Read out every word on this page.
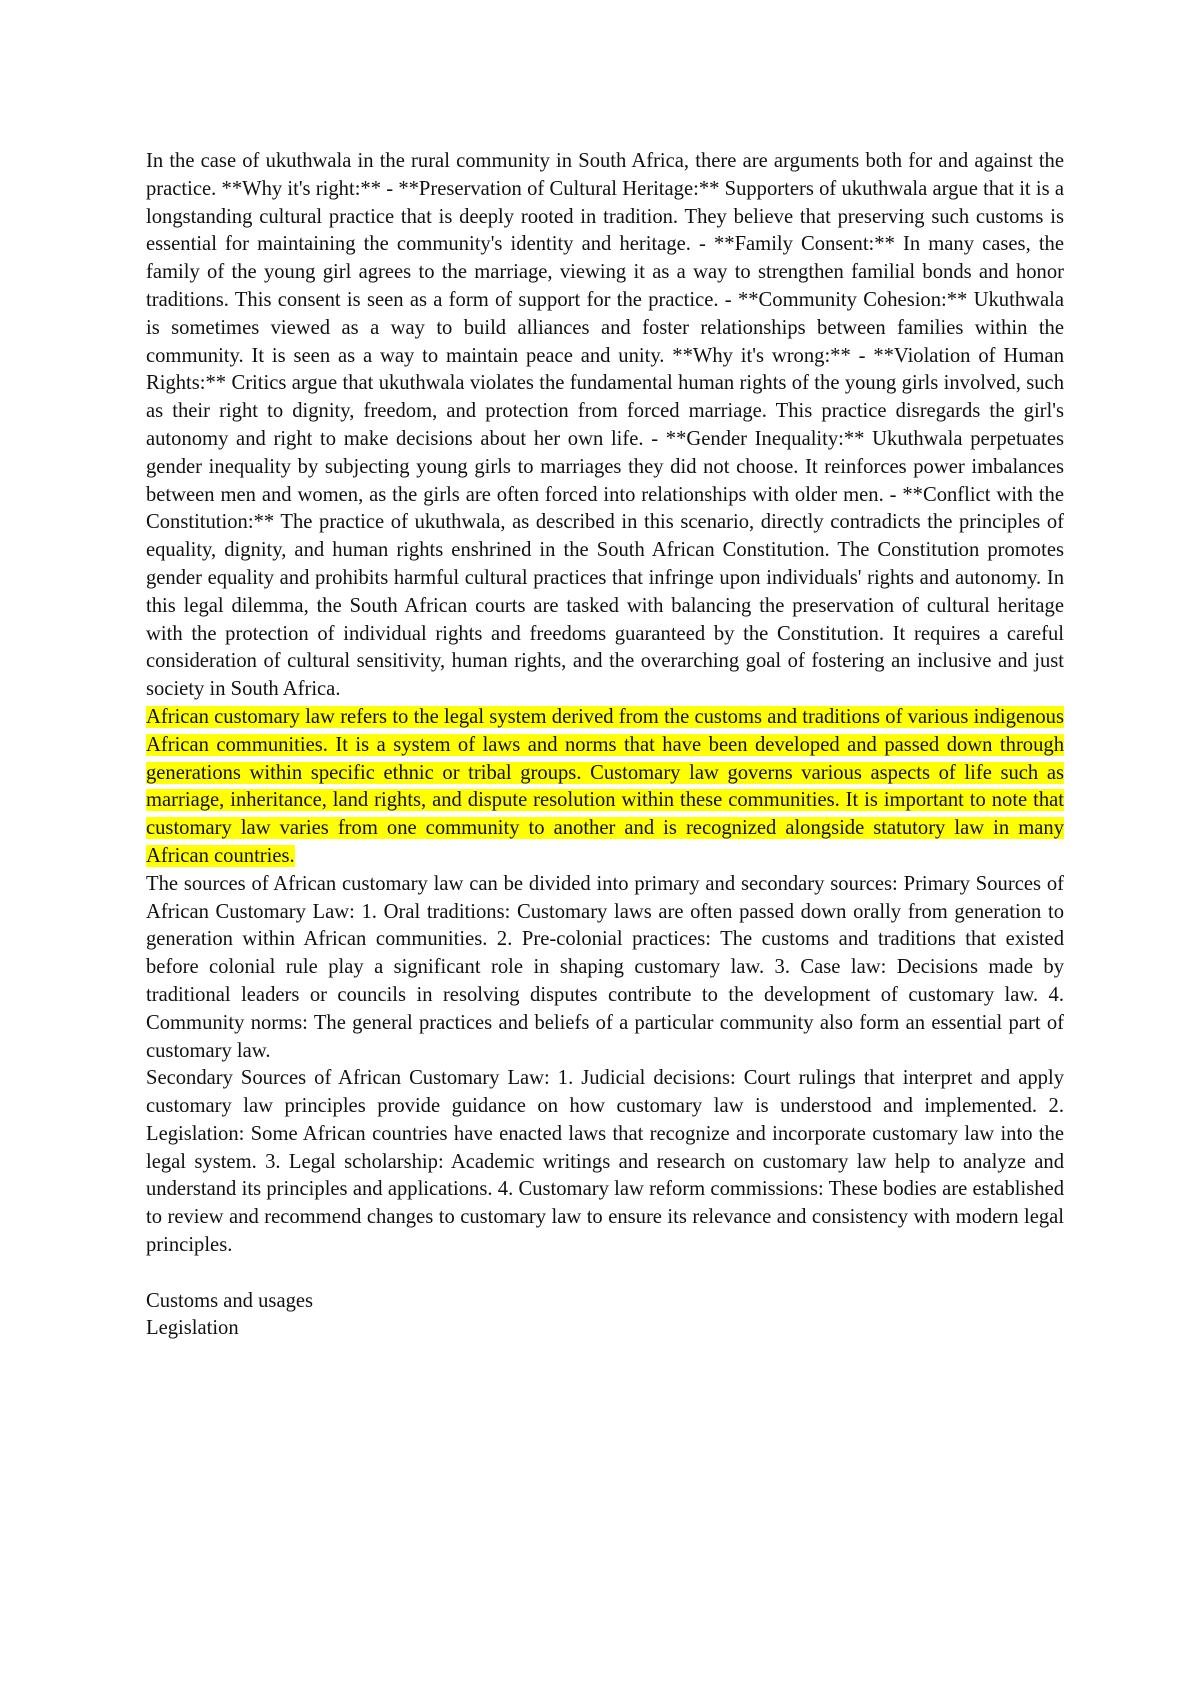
In the case of ukuthwala in the rural community in South Africa, there are arguments both for and against the practice. **Why it's right:** - **Preservation of Cultural Heritage:** Supporters of ukuthwala argue that it is a longstanding cultural practice that is deeply rooted in tradition. They believe that preserving such customs is essential for maintaining the community's identity and heritage. - **Family Consent:** In many cases, the family of the young girl agrees to the marriage, viewing it as a way to strengthen familial bonds and honor traditions. This consent is seen as a form of support for the practice. - **Community Cohesion:** Ukuthwala is sometimes viewed as a way to build alliances and foster relationships between families within the community. It is seen as a way to maintain peace and unity. **Why it's wrong:** - **Violation of Human Rights:** Critics argue that ukuthwala violates the fundamental human rights of the young girls involved, such as their right to dignity, freedom, and protection from forced marriage. This practice disregards the girl's autonomy and right to make decisions about her own life. - **Gender Inequality:** Ukuthwala perpetuates gender inequality by subjecting young girls to marriages they did not choose. It reinforces power imbalances between men and women, as the girls are often forced into relationships with older men. - **Conflict with the Constitution:** The practice of ukuthwala, as described in this scenario, directly contradicts the principles of equality, dignity, and human rights enshrined in the South African Constitution. The Constitution promotes gender equality and prohibits harmful cultural practices that infringe upon individuals' rights and autonomy. In this legal dilemma, the South African courts are tasked with balancing the preservation of cultural heritage with the protection of individual rights and freedoms guaranteed by the Constitution. It requires a careful consideration of cultural sensitivity, human rights, and the overarching goal of fostering an inclusive and just society in South Africa.

African customary law refers to the legal system derived from the customs and traditions of various indigenous African communities. It is a system of laws and norms that have been developed and passed down through generations within specific ethnic or tribal groups. Customary law governs various aspects of life such as marriage, inheritance, land rights, and dispute resolution within these communities. It is important to note that customary law varies from one community to another and is recognized alongside statutory law in many African countries.

The sources of African customary law can be divided into primary and secondary sources: Primary Sources of African Customary Law: 1. Oral traditions: Customary laws are often passed down orally from generation to generation within African communities. 2. Pre-colonial practices: The customs and traditions that existed before colonial rule play a significant role in shaping customary law. 3. Case law: Decisions made by traditional leaders or councils in resolving disputes contribute to the development of customary law. 4. Community norms: The general practices and beliefs of a particular community also form an essential part of customary law.

Secondary Sources of African Customary Law: 1. Judicial decisions: Court rulings that interpret and apply customary law principles provide guidance on how customary law is understood and implemented. 2. Legislation: Some African countries have enacted laws that recognize and incorporate customary law into the legal system. 3. Legal scholarship: Academic writings and research on customary law help to analyze and understand its principles and applications. 4. Customary law reform commissions: These bodies are established to review and recommend changes to customary law to ensure its relevance and consistency with modern legal principles.

Customs and usages

Legislation
